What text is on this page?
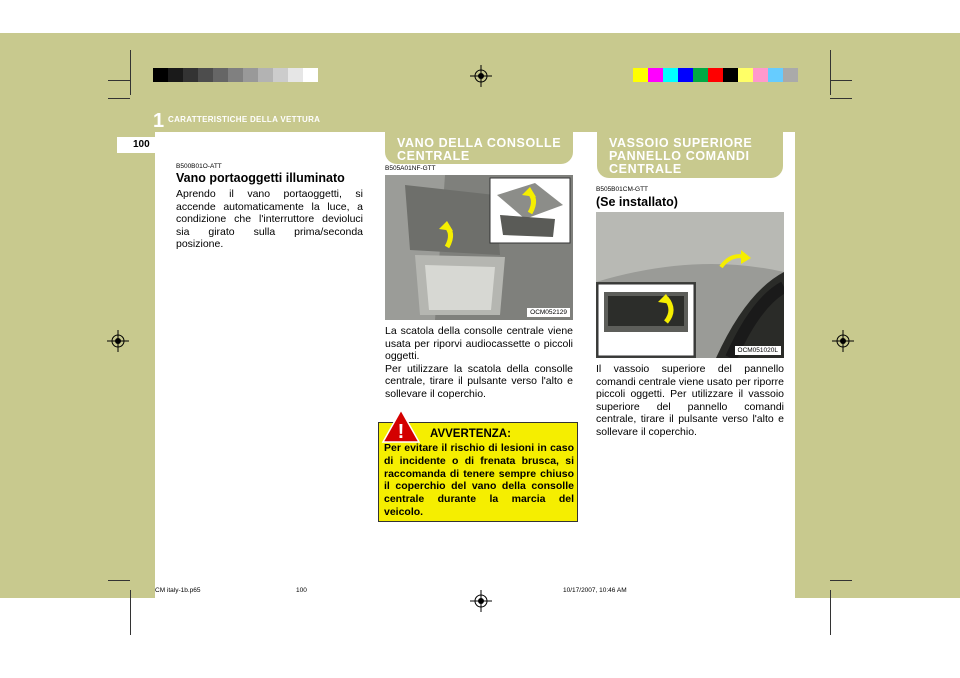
1 CARATTERISTICHE DELLA VETTURA
100
B500B01O-ATT
Vano portaoggetti illuminato
Aprendo il vano portaoggetti, si accende automaticamente la luce, a condizione che l'interruttore devioluci sia girato sulla prima/seconda posizione.
VANO DELLA CONSOLLE CENTRALE
B505A01NF-GTT
OCM052129
La scatola della consolle centrale viene usata per riporvi audiocassette o piccoli oggetti.
Per utilizzare la scatola della consolle centrale, tirare il pulsante verso l'alto e sollevare il coperchio.
! AVVERTENZA:
Per evitare il rischio di lesioni in caso di incidente o di frenata brusca, si raccomanda di tenere sempre chiuso il coperchio del vano della consolle centrale durante la marcia del veicolo.
VASSOIO SUPERIORE PANNELLO COMANDI CENTRALE
B505B01CM-GTT
(Se installato)
OCM051020L
Il vassoio superiore del pannello comandi centrale viene usato per riporre piccoli oggetti. Per utilizzare il vassoio superiore del pannello comandi centrale, tirare il pulsante verso l'alto e sollevare il coperchio.
CM italy-1b.p65	100	10/17/2007, 10:46 AM
